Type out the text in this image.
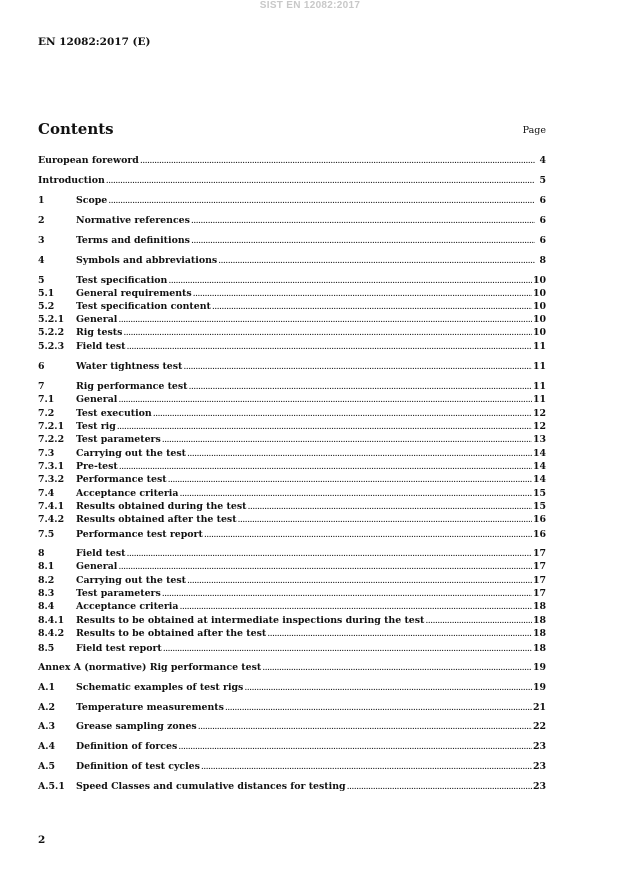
SIST EN 12082:2017
EN 12082:2017 (E)
Contents	Page
European foreword .....	4
Introduction .....	5
1	Scope .....	6
2	Normative references .....	6
3	Terms and definitions .....	6
4	Symbols and abbreviations .....	8
5	Test specification .....	10
5.1	General requirements .....	10
5.2	Test specification content .....	10
5.2.1	General .....	10
5.2.2	Rig tests .....	10
5.2.3	Field test .....	11
6	Water tightness test .....	11
7	Rig performance test .....	11
7.1	General .....	11
7.2	Test execution .....	12
7.2.1	Test rig .....	12
7.2.2	Test parameters .....	13
7.3	Carrying out the test .....	14
7.3.1	Pre-test .....	14
7.3.2	Performance test .....	14
7.4	Acceptance criteria .....	15
7.4.1	Results obtained during the test .....	15
7.4.2	Results obtained after the test .....	16
7.5	Performance test report .....	16
8	Field test .....	17
8.1	General .....	17
8.2	Carrying out the test .....	17
8.3	Test parameters .....	17
8.4	Acceptance criteria .....	18
8.4.1	Results to be obtained at intermediate inspections during the test .....	18
8.4.2	Results to be obtained after the test .....	18
8.5	Field test report .....	18
Annex A (normative) Rig performance test .....	19
A.1	Schematic examples of test rigs .....	19
A.2	Temperature measurements .....	21
A.3	Grease sampling zones .....	22
A.4	Definition of forces .....	23
A.5	Definition of test cycles .....	23
A.5.1	Speed Classes and cumulative distances for testing .....	23
2
